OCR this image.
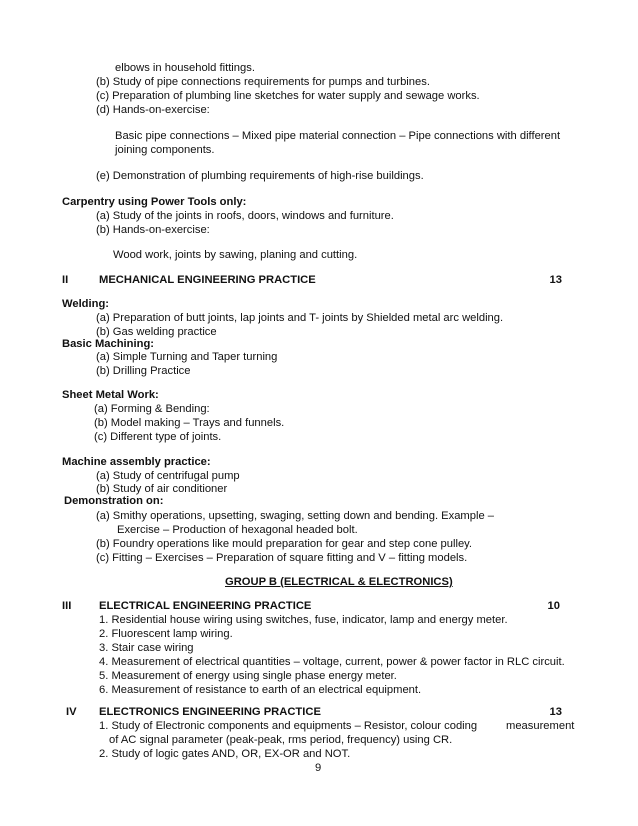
elbows in household fittings.
(b) Study of pipe connections requirements for pumps and turbines.
(c) Preparation of plumbing line sketches for water supply and sewage works.
(d) Hands-on-exercise:
Basic pipe connections – Mixed pipe material connection – Pipe connections with different
joining components.
(e) Demonstration of plumbing requirements of high-rise buildings.
Carpentry using Power Tools only:
(a) Study of the joints in roofs, doors, windows and furniture.
(b) Hands-on-exercise:
Wood work, joints by sawing, planing and cutting.
II	MECHANICAL ENGINEERING PRACTICE	13
Welding:
(a) Preparation of butt joints, lap joints and T- joints by Shielded metal arc welding.
(b) Gas welding practice
Basic Machining:
(a) Simple Turning and Taper turning
(b) Drilling Practice
Sheet Metal Work:
(a) Forming & Bending:
(b) Model making – Trays and funnels.
(c) Different type of joints.
Machine assembly practice:
(a) Study of centrifugal pump
(b) Study of air conditioner
Demonstration on:
(a) Smithy operations, upsetting, swaging, setting down and bending. Example –
Exercise – Production of hexagonal headed bolt.
(b) Foundry operations like mould preparation for gear and step cone pulley.
(c) Fitting – Exercises – Preparation of square fitting and V – fitting models.
GROUP B (ELECTRICAL & ELECTRONICS)
III ELECTRICAL ENGINEERING PRACTICE	10
1. Residential house wiring using switches, fuse, indicator, lamp and energy meter.
2. Fluorescent lamp wiring.
3. Stair case wiring
4. Measurement of electrical quantities – voltage, current, power & power factor in RLC circuit.
5. Measurement of energy using single phase energy meter.
6. Measurement of resistance to earth of an electrical equipment.
IV ELECTRONICS ENGINEERING PRACTICE	13
1. Study of Electronic components and equipments – Resistor, colour coding	measurement
of AC signal parameter (peak-peak, rms period, frequency) using CR.
2. Study of logic gates AND, OR, EX-OR and NOT.
9
